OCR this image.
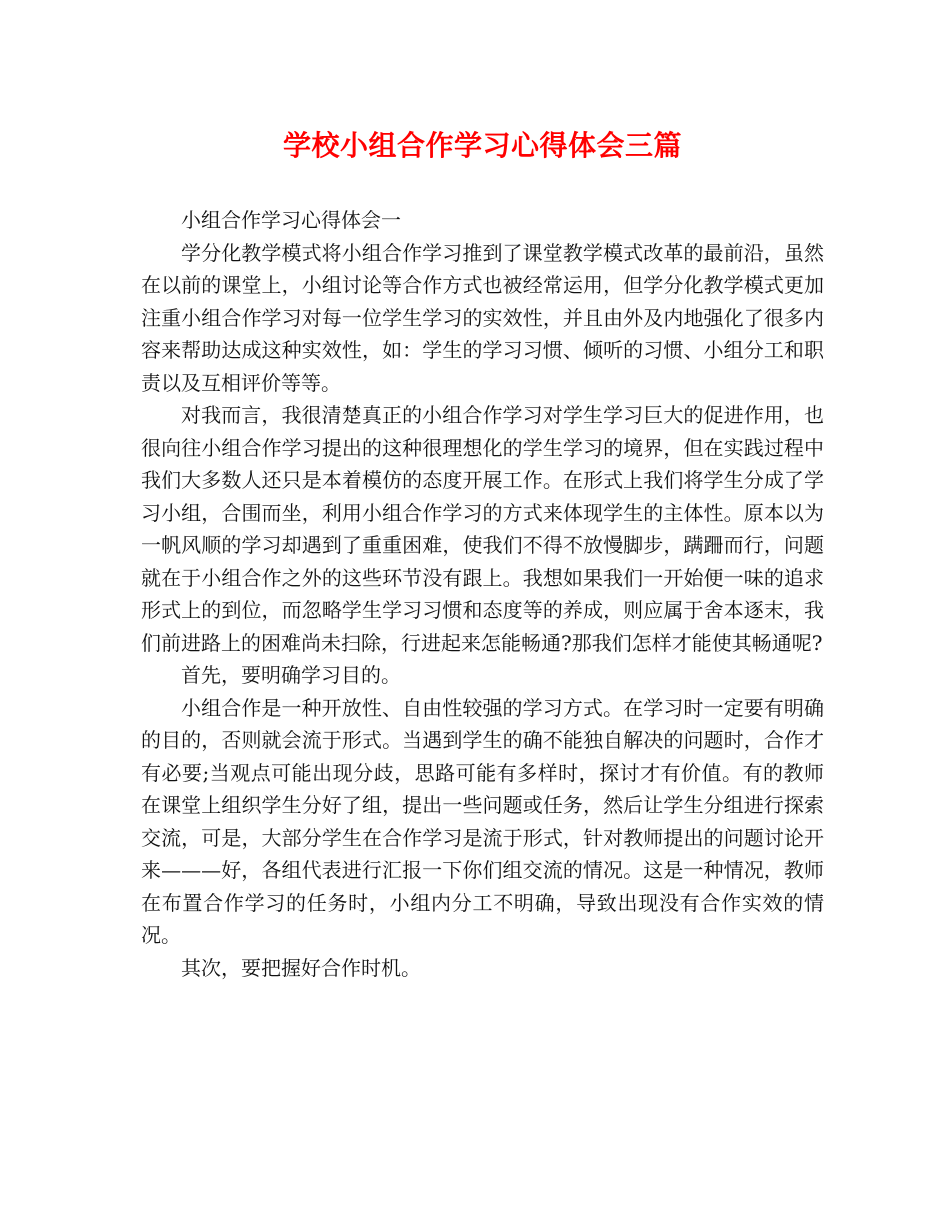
学校小组合作学习心得体会三篇

小组合作学习心得体会一

学分化教学模式将小组合作学习推到了课堂教学模式改革的最前沿，虽然在以前的课堂上，小组讨论等合作方式也被经常运用，但学分化教学模式更加注重小组合作学习对每一位学生学习的实效性，并且由外及内地强化了很多内容来帮助达成这种实效性，如：学生的学习习惯、倾听的习惯、小组分工和职责以及互相评价等等。

对我而言，我很清楚真正的小组合作学习对学生学习巨大的促进作用，也很向往小组合作学习提出的这种很理想化的学生学习的境界，但在实践过程中我们大多数人还只是本着模仿的态度开展工作。在形式上我们将学生分成了学习小组，合围而坐，利用小组合作学习的方式来体现学生的主体性。原本以为一帆风顺的学习却遇到了重重困难，使我们不得不放慢脚步，蹒跚而行，问题就在于小组合作之外的这些环节没有跟上。我想如果我们一开始便一味的追求形式上的到位，而忽略学生学习习惯和态度等的养成，则应属于舍本逐末，我们前进路上的困难尚未扫除，行进起来怎能畅通?那我们怎样才能使其畅通呢?

首先，要明确学习目的。

小组合作是一种开放性、自由性较强的学习方式。在学习时一定要有明确的目的，否则就会流于形式。当遇到学生的确不能独自解决的问题时，合作才有必要;当观点可能出现分歧，思路可能有多样时，探讨才有价值。有的教师在课堂上组织学生分好了组，提出一些问题或任务，然后让学生分组进行探索交流，可是，大部分学生在合作学习是流于形式，针对教师提出的问题讨论开来———好，各组代表进行汇报一下你们组交流的情况。这是一种情况，教师在布置合作学习的任务时，小组内分工不明确，导致出现没有合作实效的情况。

其次，要把握好合作时机。
